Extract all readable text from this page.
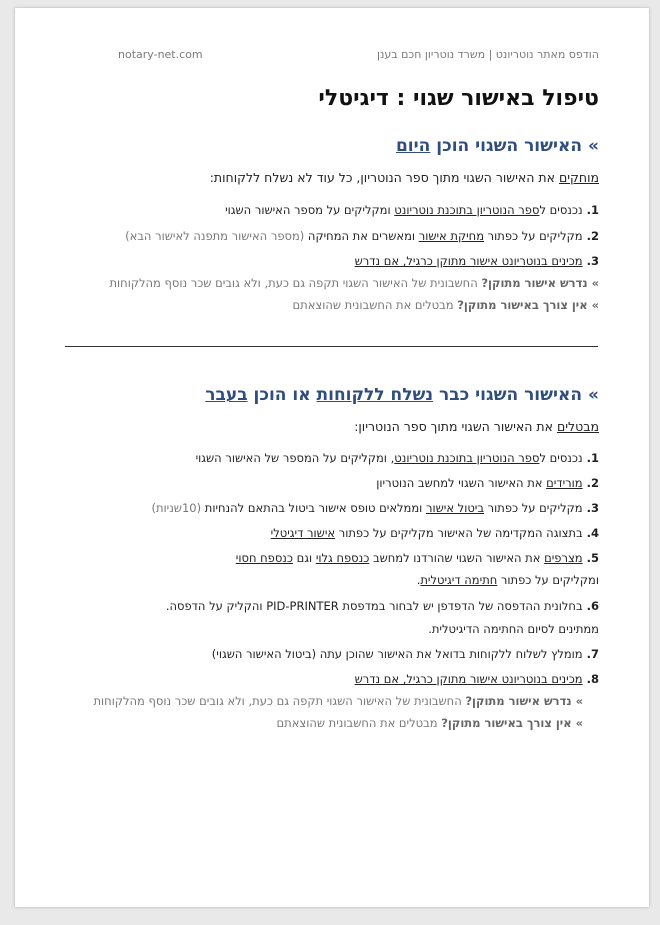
הודפס מאתר נוטריונט | משרד נוטריון חכם בענן
notary-net.com
טיפול באישור שגוי : דיגיטלי
» האישור השגוי הוכן היום
מוחקים את האישור השגוי מתוך ספר הנוטריון, כל עוד לא נשלח ללקוחות:
1.נכנסים לספר הנוטריון בתוכנת נוטריונט ומקליקים על מספר האישור השגוי
2.מקליקים על כפתור מחיקת אישור ומאשרים את המחיקה (מספר האישור מתפנה לאישור הבא)
3.מכינים בנוטריונט אישור מתוקן כרגיל, אם נדרש
» נדרש אישור מתוקן? החשבונית של האישור השגוי תקפה גם כעת, ולא גובים שכר נוסף מהלקוחות
» אין צורך באישור מתוקן? מבטלים את החשבונית שהוצאתם
» האישור השגוי כבר נשלח ללקוחות או הוכן בעבר
מבטלים את האישור השגוי מתוך ספר הנוטריון:
1.נכנסים לספר הנוטריון בתוכנת נוטריונט, ומקליקים על המספר של האישור השגוי
2.מורידים את האישור השגוי למחשב הנוטריון
3.מקליקים על כפתור ביטול אישור וממלאים טופס אישור ביטול בהתאם להנחיות (10שניות)
4.בתצוגה המקדימה של האישור מקליקים על כפתור אישור דיגיטלי
5.מצרפים את האישור השגוי שהורדנו למחשב כנספח גלוי וגם כנספח חסוי
ומקליקים על כפתור חתימה דיגיטלית.
6.בחלונית ההדפסה של הדפדפן יש לבחור במדפסת PID-PRINTER והקליק על הדפסה.
ממתינים לסיום החתימה הדיגיטלית.
7.מומלץ לשלוח ללקוחות בדואל את האישור שהוכן עתה (ביטול האישור השגוי)
8.מכינים בנוטריונט אישור מתוקן כרגיל, אם נדרש
» נדרש אישור מתוקן? החשבונית של האישור השגוי תקפה גם כעת, ולא גובים שכר נוסף מהלקוחות
» אין צורך באישור מתוקן? מבטלים את החשבונית שהוצאתם
